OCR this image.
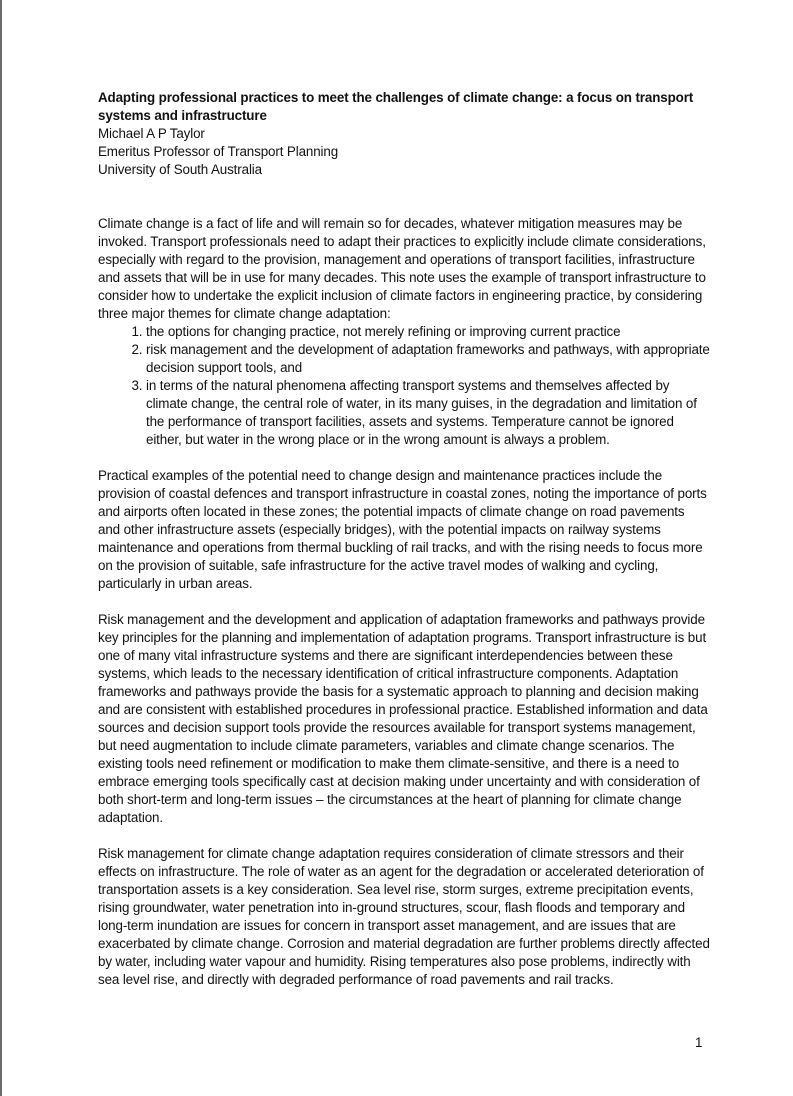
Adapting professional practices to meet the challenges of climate change: a focus on transport systems and infrastructure

Michael A P Taylor

Emeritus Professor of Transport Planning

University of South Australia

Climate change is a fact of life and will remain so for decades, whatever mitigation measures may be invoked. Transport professionals need to adapt their practices to explicitly include climate considerations, especially with regard to the provision, management and operations of transport facilities, infrastructure and assets that will be in use for many decades. This note uses the example of transport infrastructure to consider how to undertake the explicit inclusion of climate factors in engineering practice, by considering three major themes for climate change adaptation:

1. the options for changing practice, not merely refining or improving current practice
2. risk management and the development of adaptation frameworks and pathways, with appropriate decision support tools, and
3. in terms of the natural phenomena affecting transport systems and themselves affected by climate change, the central role of water, in its many guises, in the degradation and limitation of the performance of transport facilities, assets and systems. Temperature cannot be ignored either, but water in the wrong place or in the wrong amount is always a problem.

Practical examples of the potential need to change design and maintenance practices include the provision of coastal defences and transport infrastructure in coastal zones, noting the importance of ports and airports often located in these zones; the potential impacts of climate change on road pavements and other infrastructure assets (especially bridges), with the potential impacts on railway systems maintenance and operations from thermal buckling of rail tracks, and with the rising needs to focus more on the provision of suitable, safe infrastructure for the active travel modes of walking and cycling, particularly in urban areas.

Risk management and the development and application of adaptation frameworks and pathways provide key principles for the planning and implementation of adaptation programs. Transport infrastructure is but one of many vital infrastructure systems and there are significant interdependencies between these systems, which leads to the necessary identification of critical infrastructure components. Adaptation frameworks and pathways provide the basis for a systematic approach to planning and decision making and are consistent with established procedures in professional practice. Established information and data sources and decision support tools provide the resources available for transport systems management, but need augmentation to include climate parameters, variables and climate change scenarios. The existing tools need refinement or modification to make them climate-sensitive, and there is a need to embrace emerging tools specifically cast at decision making under uncertainty and with consideration of both short-term and long-term issues – the circumstances at the heart of planning for climate change adaptation.

Risk management for climate change adaptation requires consideration of climate stressors and their effects on infrastructure. The role of water as an agent for the degradation or accelerated deterioration of transportation assets is a key consideration. Sea level rise, storm surges, extreme precipitation events, rising groundwater, water penetration into in-ground structures, scour, flash floods and temporary and long-term inundation are issues for concern in transport asset management, and are issues that are exacerbated by climate change. Corrosion and material degradation are further problems directly affected by water, including water vapour and humidity. Rising temperatures also pose problems, indirectly with sea level rise, and directly with degraded performance of road pavements and rail tracks.

1
